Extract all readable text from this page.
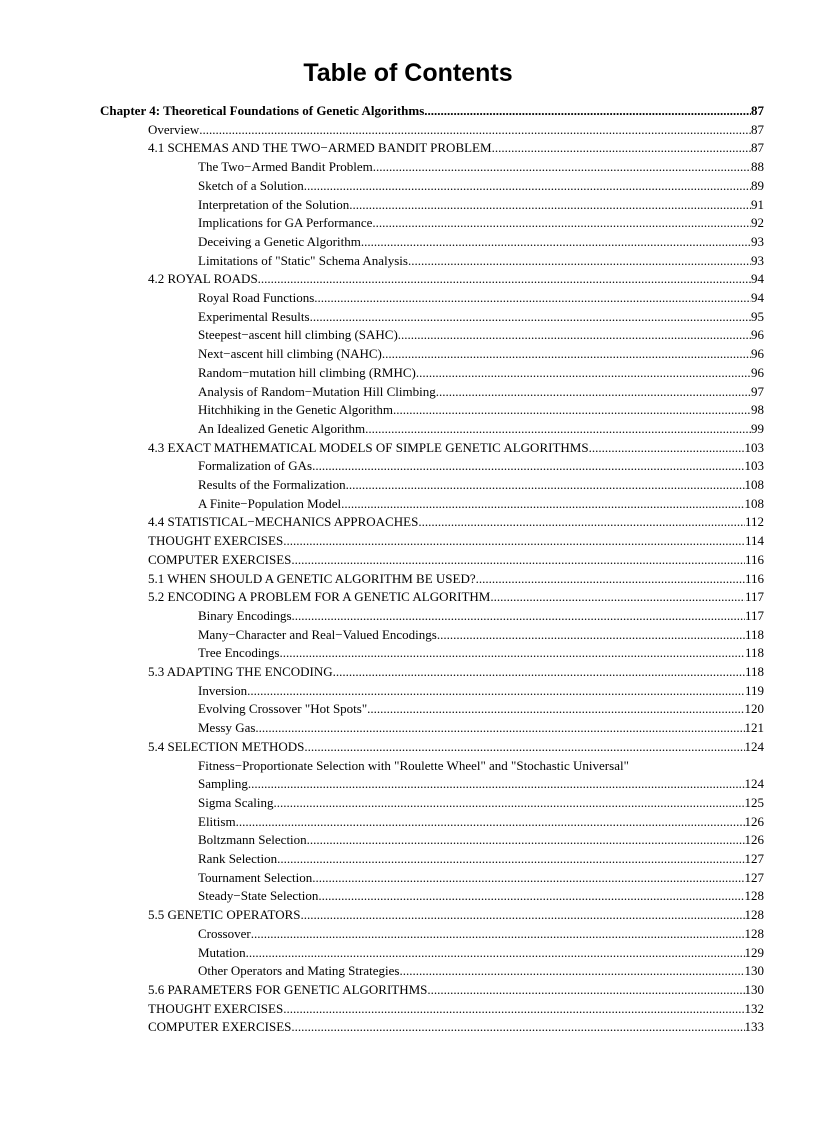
Table of Contents
Chapter 4: Theoretical Foundations of Genetic Algorithms .....	87
Overview .....	87
4.1 SCHEMAS AND THE TWO−ARMED BANDIT PROBLEM .....	87
The Two−Armed Bandit Problem .....	88
Sketch of a Solution .....	89
Interpretation of the Solution .....	91
Implications for GA Performance .....	92
Deceiving a Genetic Algorithm .....	93
Limitations of "Static" Schema Analysis .....	93
4.2 ROYAL ROADS .....	94
Royal Road Functions .....	94
Experimental Results .....	95
Steepest−ascent hill climbing (SAHC) .....	96
Next−ascent hill climbing (NAHC) .....	96
Random−mutation hill climbing (RMHC) .....	96
Analysis of Random−Mutation Hill Climbing .....	97
Hitchhiking in the Genetic Algorithm .....	98
An Idealized Genetic Algorithm .....	99
4.3 EXACT MATHEMATICAL MODELS OF SIMPLE GENETIC ALGORITHMS .....	103
Formalization of GAs .....	103
Results of the Formalization .....	108
A Finite−Population Model .....	108
4.4 STATISTICAL−MECHANICS APPROACHES .....	112
THOUGHT EXERCISES .....	114
COMPUTER EXERCISES .....	116
5.1 WHEN SHOULD A GENETIC ALGORITHM BE USED? .....	116
5.2 ENCODING A PROBLEM FOR A GENETIC ALGORITHM .....	117
Binary Encodings .....	117
Many−Character and Real−Valued Encodings .....	118
Tree Encodings .....	118
5.3 ADAPTING THE ENCODING .....	118
Inversion .....	119
Evolving Crossover "Hot Spots" .....	120
Messy Gas .....	121
5.4 SELECTION METHODS .....	124
Fitness−Proportionate Selection with "Roulette Wheel" and "Stochastic Universal"
Sampling .....	124
Sigma Scaling .....	125
Elitism .....	126
Boltzmann Selection .....	126
Rank Selection .....	127
Tournament Selection .....	127
Steady−State Selection .....	128
5.5 GENETIC OPERATORS .....	128
Crossover .....	128
Mutation .....	129
Other Operators and Mating Strategies .....	130
5.6 PARAMETERS FOR GENETIC ALGORITHMS .....	130
THOUGHT EXERCISES .....	132
COMPUTER EXERCISES .....	133
